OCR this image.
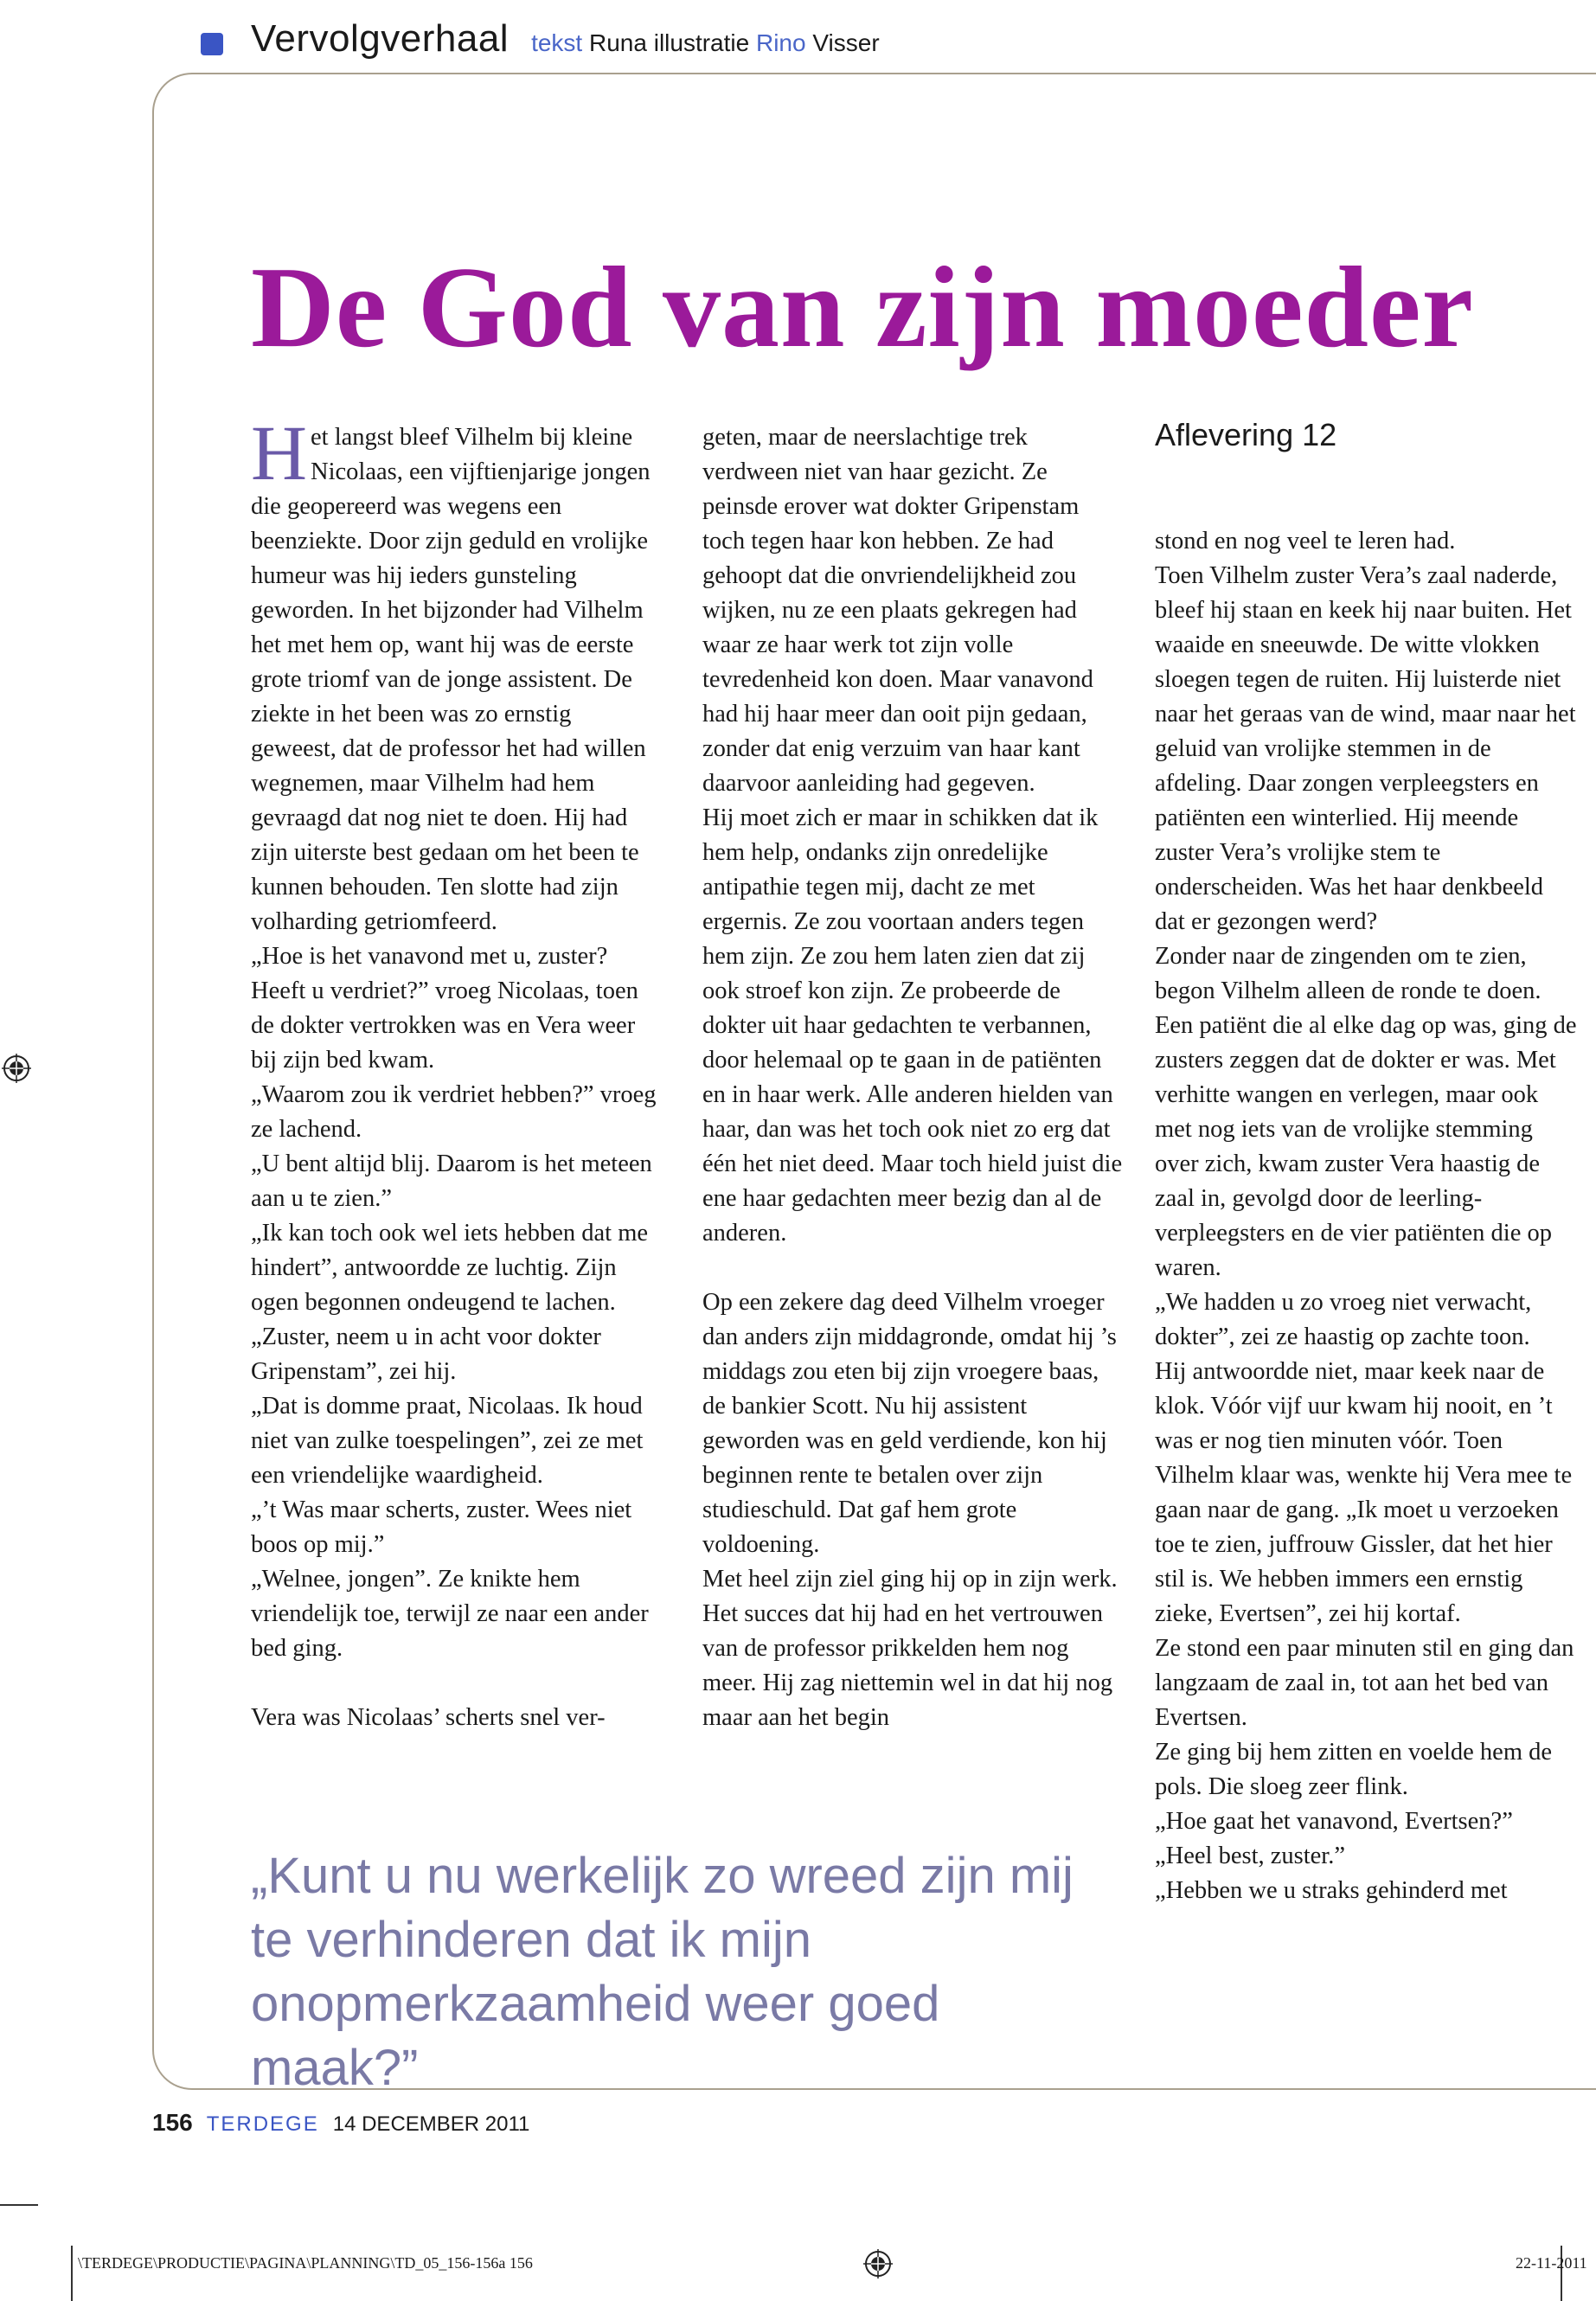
Vervolgverhaal tekst Runa illustratie Rino Visser
De God van zijn moeder

Het langst bleef Vilhelm bij kleine Nicolaas, een vijftienjarige jongen die geopereerd was wegens een beenziekte. Door zijn geduld en vrolijke humeur was hij ieders gunsteling geworden. In het bijzonder had Vilhelm het met hem op, want hij was de eerste grote triomf van de jonge assistent. De ziekte in het been was zo ernstig geweest, dat de professor het had willen wegnemen, maar Vilhelm had hem gevraagd dat nog niet te doen. Hij had zijn uiterste best gedaan om het been te kunnen behouden. Ten slotte had zijn volharding getriomfeerd.

„Hoe is het vanavond met u, zuster? Heeft u verdriet?” vroeg Nicolaas, toen de dokter vertrokken was en Vera weer bij zijn bed kwam.

„Waarom zou ik verdriet hebben?” vroeg ze lachend.

„U bent altijd blij. Daarom is het meteen aan u te zien.”

„Ik kan toch ook wel iets hebben dat me hindert”, antwoordde ze luchtig. Zijn ogen begonnen ondeugend te lachen. „Zuster, neem u in acht voor dokter Gripenstam”, zei hij.

„Dat is domme praat, Nicolaas. Ik houd niet van zulke toespelingen”, zei ze met een vriendelijke waardigheid.

„’t Was maar scherts, zuster. Wees niet boos op mij.”

„Welnee, jongen”. Ze knikte hem vriendelijk toe, terwijl ze naar een ander bed ging.

Vera was Nicolaas’ scherts snel ver-

geten, maar de neerslachtige trek verdween niet van haar gezicht. Ze peinsde erover wat dokter Gripenstam toch tegen haar kon hebben. Ze had gehoopt dat die onvriendelijkheid zou wijken, nu ze een plaats gekregen had waar ze haar werk tot zijn volle tevredenheid kon doen. Maar vanavond had hij haar meer dan ooit pijn gedaan, zonder dat enig verzuim van haar kant daarvoor aanleiding had gegeven.

Hij moet zich er maar in schikken dat ik hem help, ondanks zijn onredelijke antipathie tegen mij, dacht ze met ergernis. Ze zou voortaan anders tegen hem zijn. Ze zou hem laten zien dat zij ook stroef kon zijn. Ze probeerde de dokter uit haar gedachten te verbannen, door helemaal op te gaan in de patiënten en in haar werk. Alle anderen hielden van haar, dan was het toch ook niet zo erg dat één het niet deed. Maar toch hield juist die ene haar gedachten meer bezig dan al de anderen.

Op een zekere dag deed Vilhelm vroeger dan anders zijn middagronde, omdat hij ’s middags zou eten bij zijn vroegere baas, de bankier Scott. Nu hij assistent geworden was en geld verdiende, kon hij beginnen rente te betalen over zijn studieschuld. Dat gaf hem grote voldoening.

Met heel zijn ziel ging hij op in zijn werk. Het succes dat hij had en het vertrouwen van de professor prikkelden hem nog meer. Hij zag niettemin wel in dat hij nog maar aan het begin

Aflevering 12

stond en nog veel te leren had.

Toen Vilhelm zuster Vera’s zaal naderde, bleef hij staan en keek hij naar buiten. Het waaide en sneeuwde. De witte vlokken sloegen tegen de ruiten. Hij luisterde niet naar het geraas van de wind, maar naar het geluid van vrolijke stemmen in de afdeling. Daar zongen verpleegsters en patiënten een winterlied. Hij meende zuster Vera’s vrolijke stem te onderscheiden. Was het haar denkbeeld dat er gezongen werd?

Zonder naar de zingenden om te zien, begon Vilhelm alleen de ronde te doen. Een patiënt die al elke dag op was, ging de zusters zeggen dat de dokter er was. Met verhitte wangen en verlegen, maar ook met nog iets van de vrolijke stemming over zich, kwam zuster Vera haastig de zaal in, gevolgd door de leerling-verpleegsters en de vier patiënten die op waren.

„We hadden u zo vroeg niet verwacht, dokter”, zei ze haastig op zachte toon.

Hij antwoordde niet, maar keek naar de klok. Vóór vijf uur kwam hij nooit, en ’t was er nog tien minuten vóór. Toen Vilhelm klaar was, wenkte hij Vera mee te gaan naar de gang. „Ik moet u verzoeken toe te zien, juffrouw Gissler, dat het hier stil is. We hebben immers een ernstig zieke, Evertsen”, zei hij kortaf.

Ze stond een paar minuten stil en ging dan langzaam de zaal in, tot aan het bed van Evertsen.

Ze ging bij hem zitten en voelde hem de pols. Die sloeg zeer flink.

„Hoe gaat het vanavond, Evertsen?”

„Heel best, zuster.”

„Hebben we u straks gehinderd met

„Kunt u nu werkelijk zo wreed zijn mij te verhinderen dat ik mijn onopmerkzaamheid weer goed maak?”
156 TERDEGE 14 DECEMBER 2011
\TERDEGE\PRODUCTIE\PAGINA\PLANNING\TD_05_156-156a 156	22-11-2011
